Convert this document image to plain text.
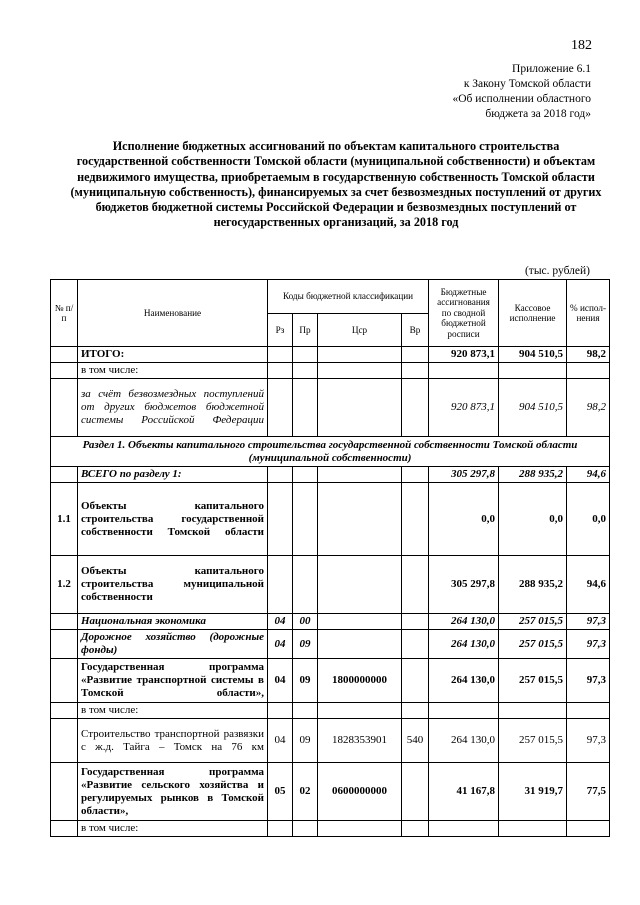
182
Приложение 6.1
к Закону Томской области
«Об исполнении областного
бюджета за 2018 год»
Исполнение бюджетных ассигнований по объектам капитального строительства государственной собственности Томской области (муниципальной собственности) и объектам недвижимого имущества, приобретаемым в государственную собственность Томской области (муниципальную собственность), финансируемых за счет безвозмездных поступлений от других бюджетов бюджетной системы Российской Федерации и безвозмездных поступлений от негосударственных организаций, за 2018 год
(тыс. рублей)
№ п/п	Наименование	Коды бюджетной классификации				Бюджетные ассигнования по сводной бюджетной росписи	Кассовое исполнение	% испол-нения
		Рз	Пр	Цср	Вр			
	ИТОГО:					920 873,1	904 510,5	98,2
	в том числе:							
	за счёт безвозмездных поступлений от других бюджетов бюджетной системы Российской Федерации					920 873,1	904 510,5	98,2
Раздел 1. Объекты капитального строительства государственной собственности Томской области (муниципальной собственности)								
	ВСЕГО по разделу 1:					305 297,8	288 935,2	94,6
1.1	Объекты капитального строительства государственной собственности Томской области					0,0	0,0	0,0
1.2	Объекты капитального строительства муниципальной собственности					305 297,8	288 935,2	94,6
	Национальная экономика	04	00			264 130,0	257 015,5	97,3
	Дорожное хозяйство (дорожные фонды)	04	09			264 130,0	257 015,5	97,3
	Государственная программа «Развитие транспортной системы в Томской области»,	04	09	1800000000		264 130,0	257 015,5	97,3
	в том числе:							
	Строительство транспортной развязки с ж.д. Тайга – Томск на 76 км	04	09	1828353901	540	264 130,0	257 015,5	97,3
	Государственная программа «Развитие сельского хозяйства и регулируемых рынков в Томской области»,	05	02	0600000000		41 167,8	31 919,7	77,5
	в том числе:							
